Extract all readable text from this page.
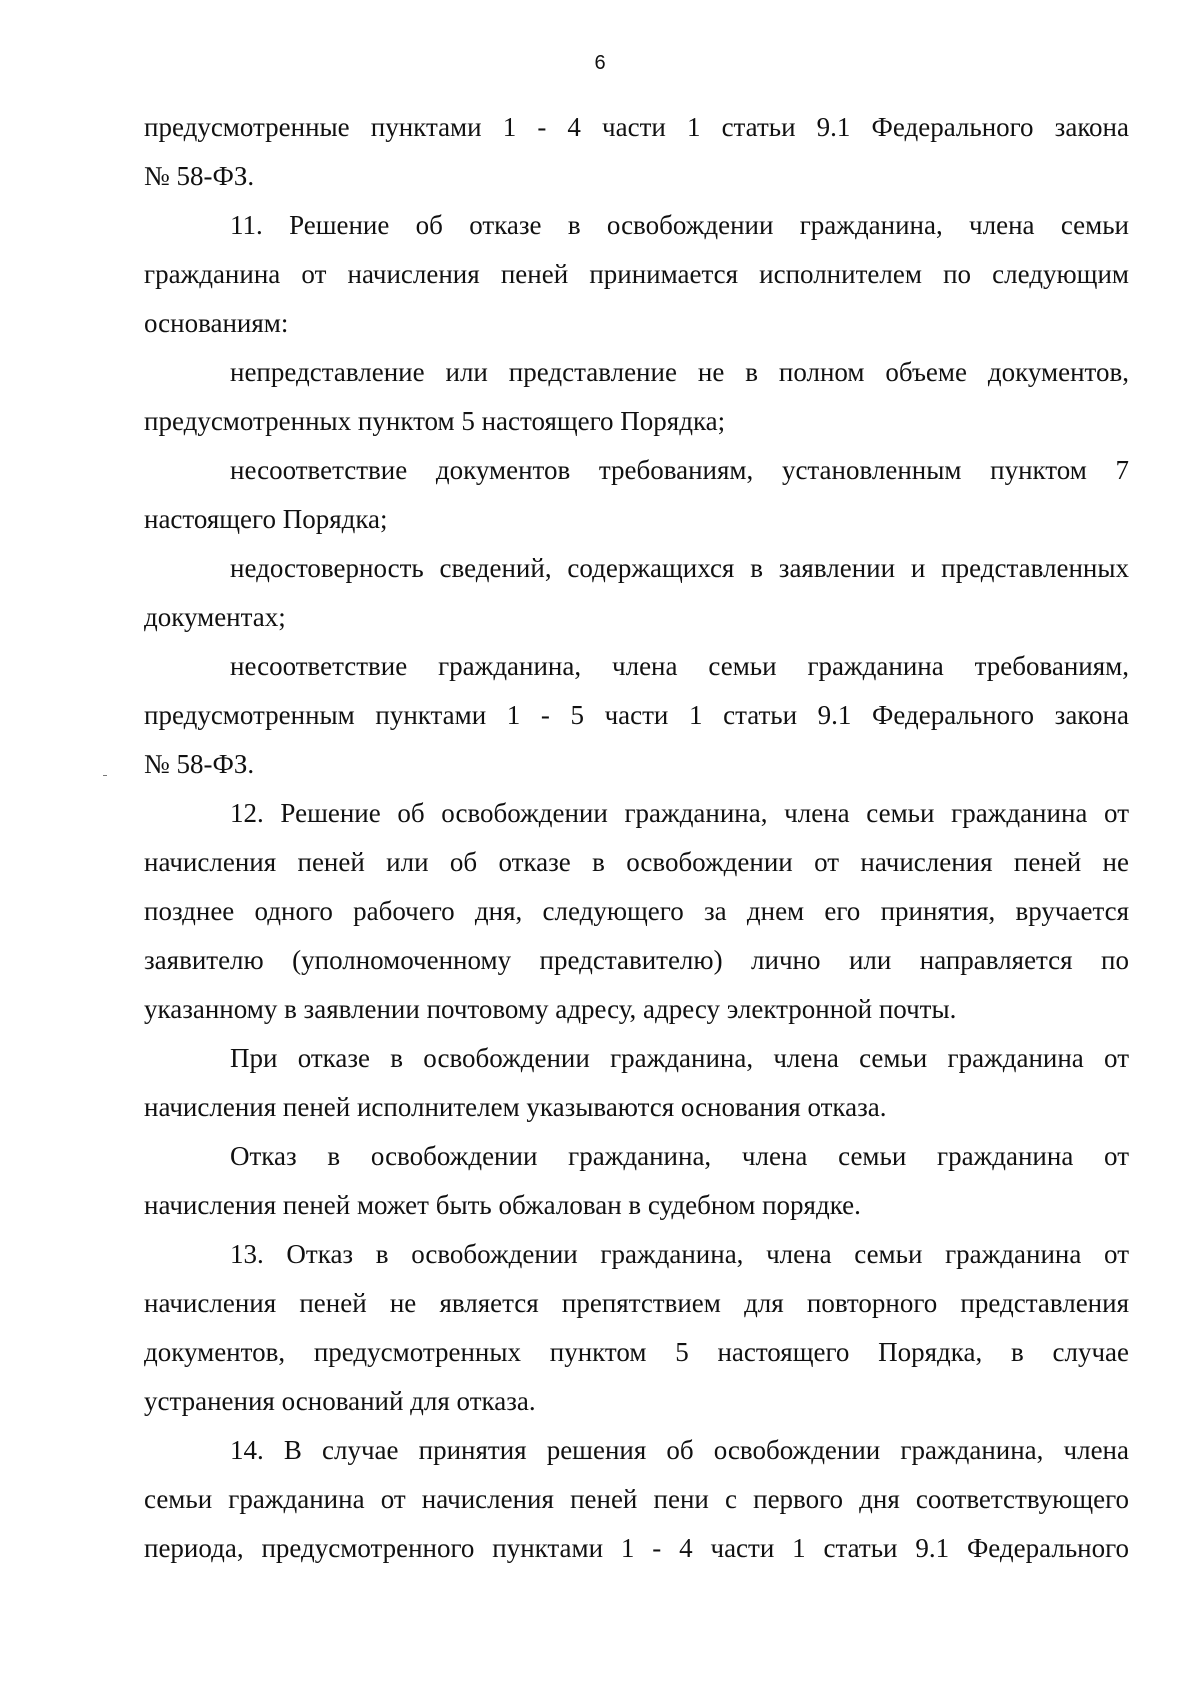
6
предусмотренные пунктами 1 - 4 части 1 статьи 9.1 Федерального закона
№ 58-ФЗ.
11. Решение об отказе в освобождении гражданина, члена семьи
гражданина от начисления пеней принимается исполнителем по следующим
основаниям:
непредставление или представление не в полном объеме документов,
предусмотренных пунктом 5 настоящего Порядка;
несоответствие документов требованиям, установленным пунктом 7
настоящего Порядка;
недостоверность сведений, содержащихся в заявлении и представленных
документах;
несоответствие гражданина, члена семьи гражданина требованиям,
предусмотренным пунктами 1 - 5 части 1 статьи 9.1 Федерального закона
№ 58-ФЗ.
12. Решение об освобождении гражданина, члена семьи гражданина от
начисления пеней или об отказе в освобождении от начисления пеней не
позднее одного рабочего дня, следующего за днем его принятия, вручается
заявителю (уполномоченному представителю) лично или направляется по
указанному в заявлении почтовому адресу, адресу электронной почты.
При отказе в освобождении гражданина, члена семьи гражданина от
начисления пеней исполнителем указываются основания отказа.
Отказ в освобождении гражданина, члена семьи гражданина от
начисления пеней может быть обжалован в судебном порядке.
13. Отказ в освобождении гражданина, члена семьи гражданина от
начисления пеней не является препятствием для повторного представления
документов, предусмотренных пунктом 5 настоящего Порядка, в случае
устранения оснований для отказа.
14. В случае принятия решения об освобождении гражданина, члена
семьи гражданина от начисления пеней пени с первого дня соответствующего
периода, предусмотренного пунктами 1 - 4 части 1 статьи 9.1 Федерального
